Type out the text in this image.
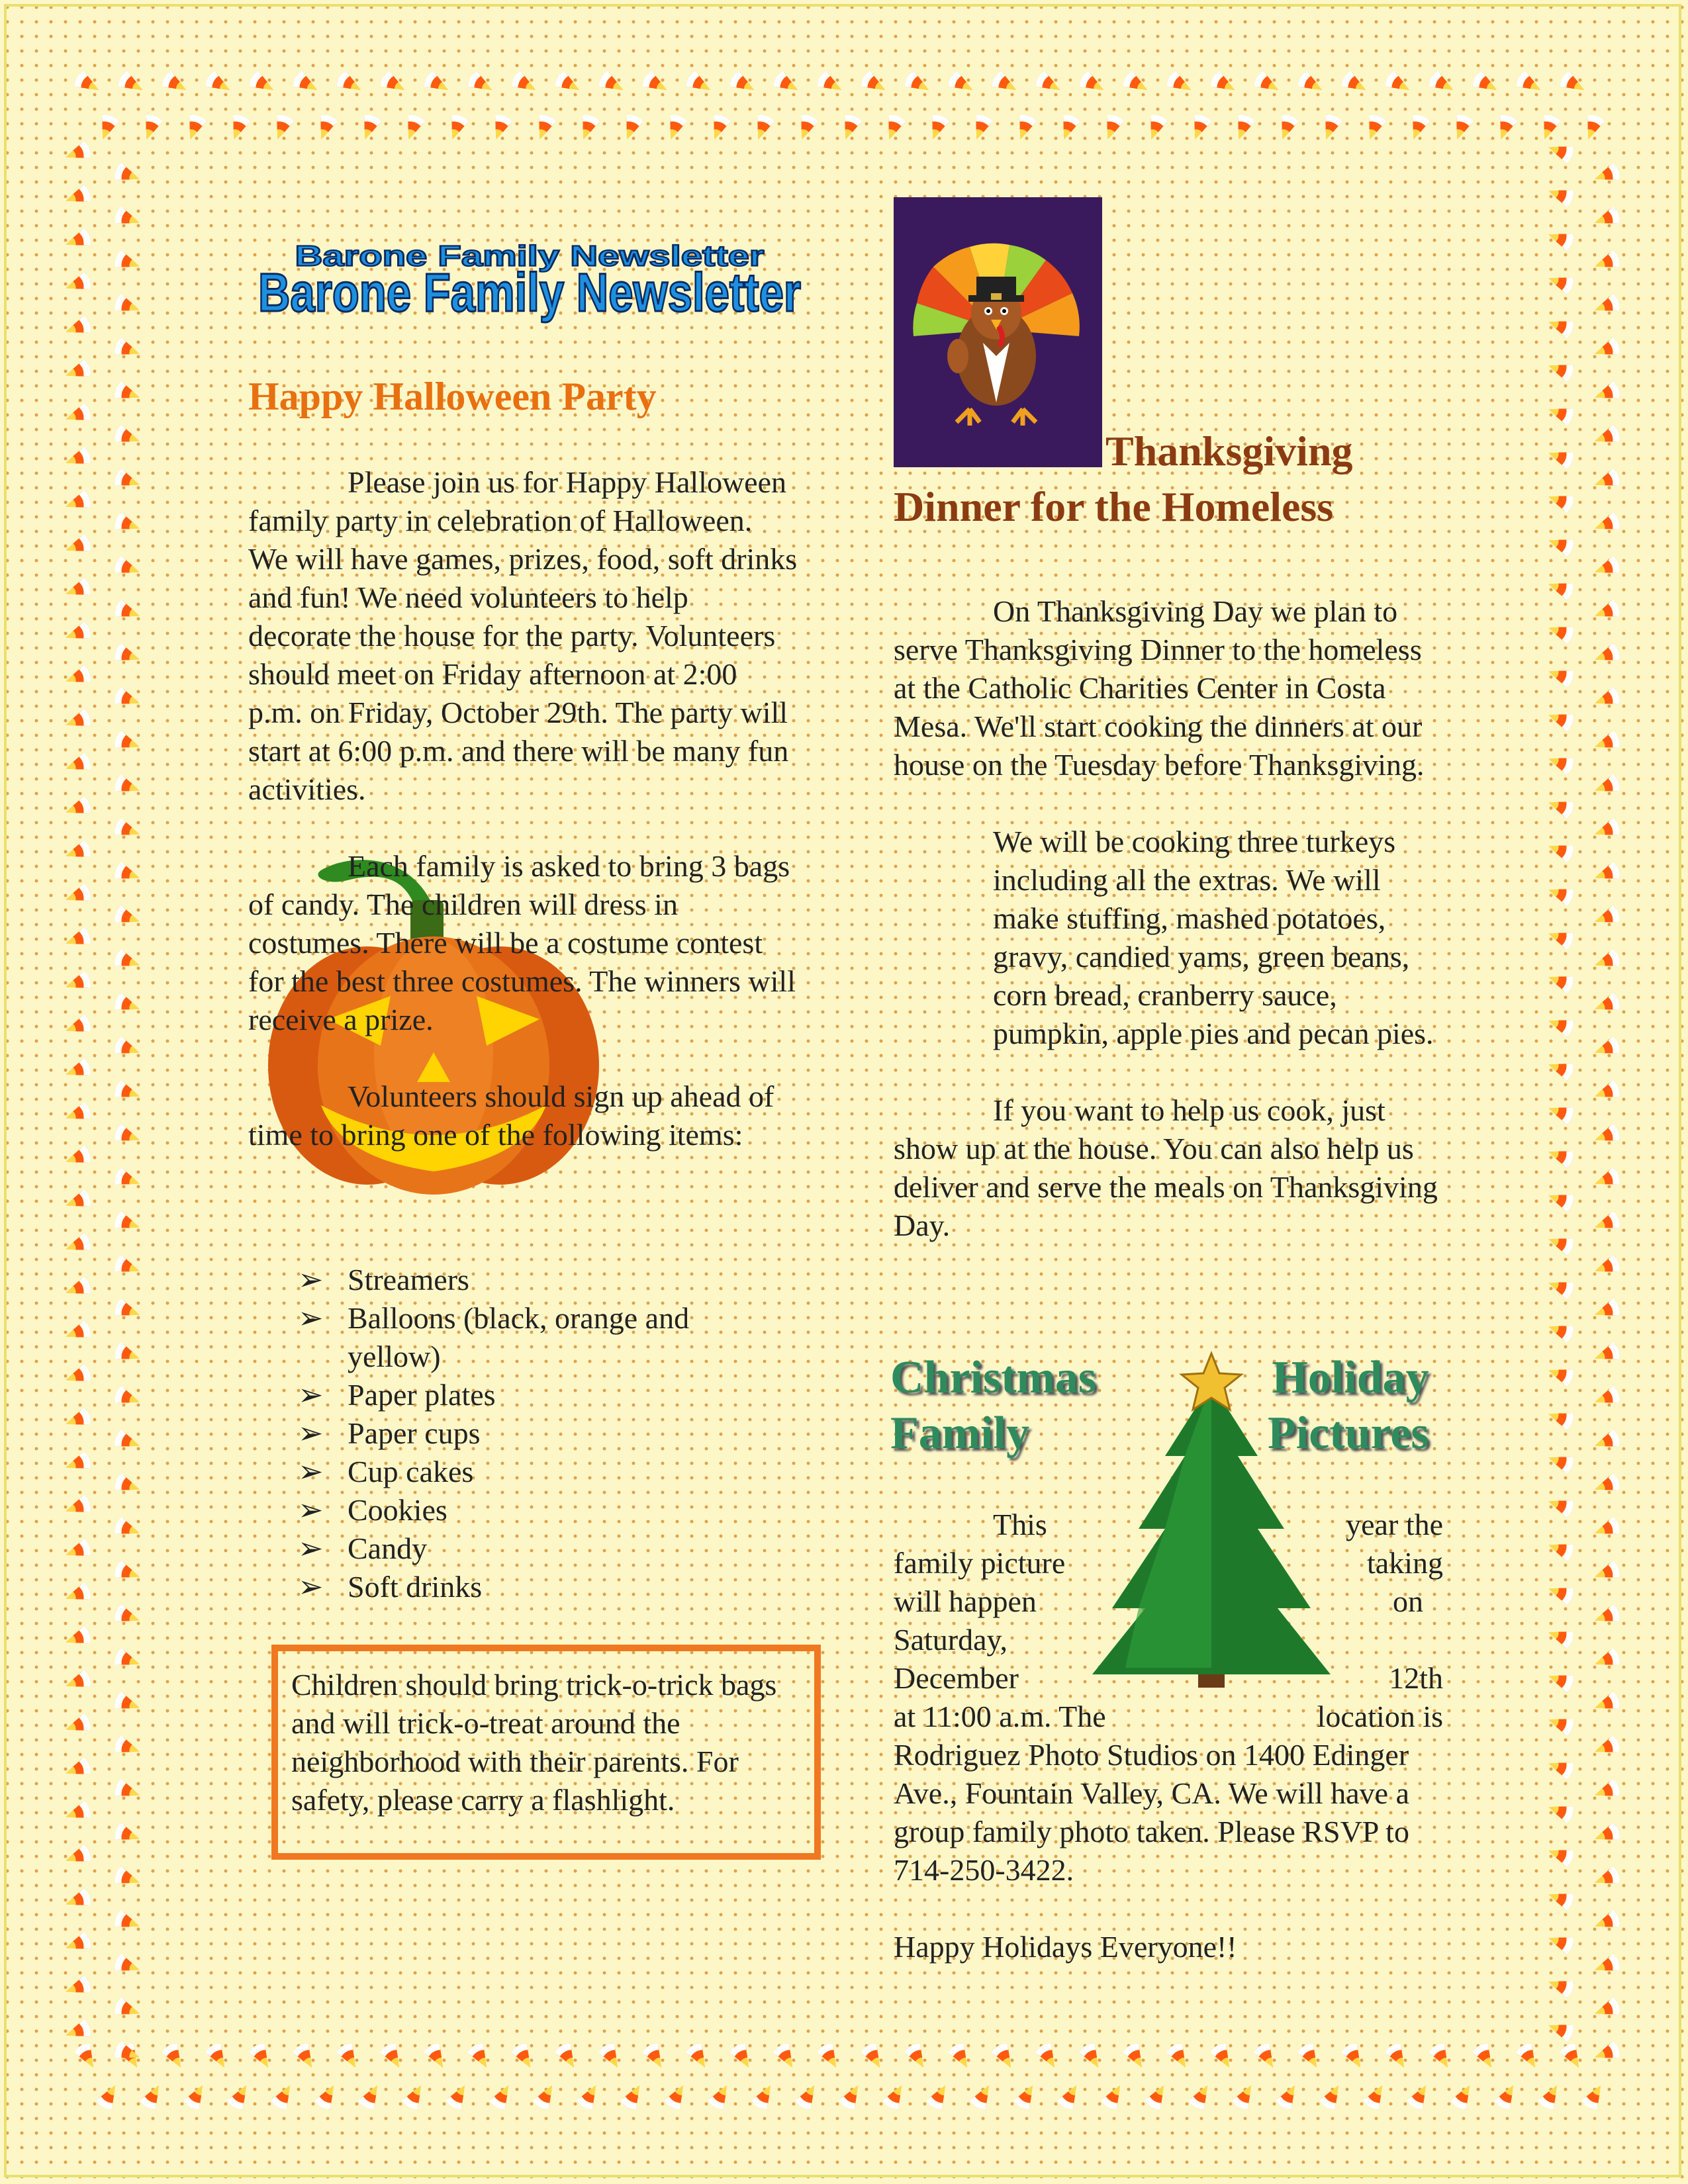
Barone Family Newsletter
Barone Family Newsletter
Happy Halloween Party

Please join us for Happy Halloween family party in celebration of Halloween. We will have games, prizes, food, soft drinks and fun! We need volunteers to help decorate the house for the party. Volunteers should meet on Friday afternoon at 2:00 p.m. on Friday, October 29th. The party will start at 6:00 p.m. and there will be many fun activities.

Each family is asked to bring 3 bags of candy. The children will dress in costumes. There will be a costume contest for the best three costumes. The winners will receive a prize.

Volunteers should sign up ahead of time to bring one of the following items:

➢ Streamers
➢ Balloons (black, orange and yellow)
➢ Paper plates
➢ Paper cups
➢ Cup cakes
➢ Cookies
➢ Candy
➢ Soft drinks

Children should bring trick-o-trick bags and will trick-o-treat around the neighborhood with their parents. For safety, please carry a flashlight.

Thanksgiving
Dinner for the Homeless

On Thanksgiving Day we plan to serve Thanksgiving Dinner to the homeless at the Catholic Charities Center in Costa Mesa. We'll start cooking the dinners at our house on the Tuesday before Thanksgiving.

We will be cooking three turkeys including all the extras. We will make stuffing, mashed potatoes, gravy, candied yams, green beans, corn bread, cranberry sauce, pumpkin, apple pies and pecan pies.

If you want to help us cook, just show up at the house. You can also help us deliver and serve the meals on Thanksgiving Day.

Christmas
Family
Holiday
Pictures
This	year the
family picture	taking
will happen	on
Saturday,
December	12th
at 11:00 a.m. The	location is

Rodriguez Photo Studios on 1400 Edinger Ave., Fountain Valley, CA. We will have a group family photo taken. Please RSVP to 714-250-3422.

Happy Holidays Everyone!!
